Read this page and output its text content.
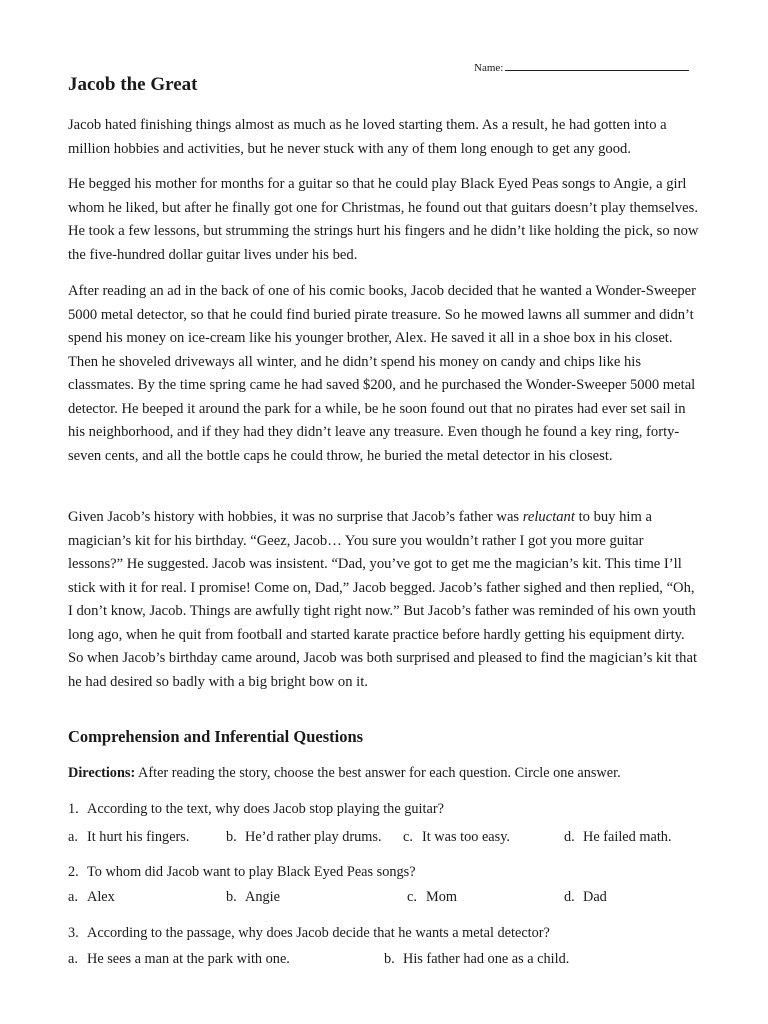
Name:
Jacob the Great

Jacob hated finishing things almost as much as he loved starting them. As a result, he had gotten into a million hobbies and activities, but he never stuck with any of them long enough to get any good.

He begged his mother for months for a guitar so that he could play Black Eyed Peas songs to Angie, a girl whom he liked, but after he finally got one for Christmas, he found out that guitars doesn’t play themselves. He took a few lessons, but strumming the strings hurt his fingers and he didn’t like holding the pick, so now the five-hundred dollar guitar lives under his bed.

After reading an ad in the back of one of his comic books, Jacob decided that he wanted a Wonder-Sweeper 5000 metal detector, so that he could find buried pirate treasure. So he mowed lawns all summer and didn’t spend his money on ice-cream like his younger brother, Alex. He saved it all in a shoe box in his closet. Then he shoveled driveways all winter, and he didn’t spend his money on candy and chips like his classmates. By the time spring came he had saved $200, and he purchased the Wonder-Sweeper 5000 metal detector. He beeped it around the park for a while, be he soon found out that no pirates had ever set sail in his neighborhood, and if they had they didn’t leave any treasure. Even though he found a key ring, forty-seven cents, and all the bottle caps he could throw, he buried the metal detector in his closest.

Given Jacob’s history with hobbies, it was no surprise that Jacob’s father was reluctant to buy him a magician’s kit for his birthday. “Geez, Jacob… You sure you wouldn’t rather I got you more guitar lessons?” He suggested. Jacob was insistent. “Dad, you’ve got to get me the magician’s kit. This time I’ll stick with it for real. I promise! Come on, Dad,” Jacob begged. Jacob’s father sighed and then replied, “Oh, I don’t know, Jacob. Things are awfully tight right now.” But Jacob’s father was reminded of his own youth long ago, when he quit from football and started karate practice before hardly getting his equipment dirty. So when Jacob’s birthday came around, Jacob was both surprised and pleased to find the magician’s kit that he had desired so badly with a big bright bow on it.

Comprehension and Inferential Questions

Directions: After reading the story, choose the best answer for each question. Circle one answer.

1. According to the text, why does Jacob stop playing the guitar?

a. It hurt his fingers.	b. He’d rather play drums. c. It was too easy.	d. He failed math.

2. To whom did Jacob want to play Black Eyed Peas songs?

a. Alex	b. Angie	c. Mom	d. Dad

3. According to the passage, why does Jacob decide that he wants a metal detector?

a. He sees a man at the park with one.	b. His father had one as a child.
